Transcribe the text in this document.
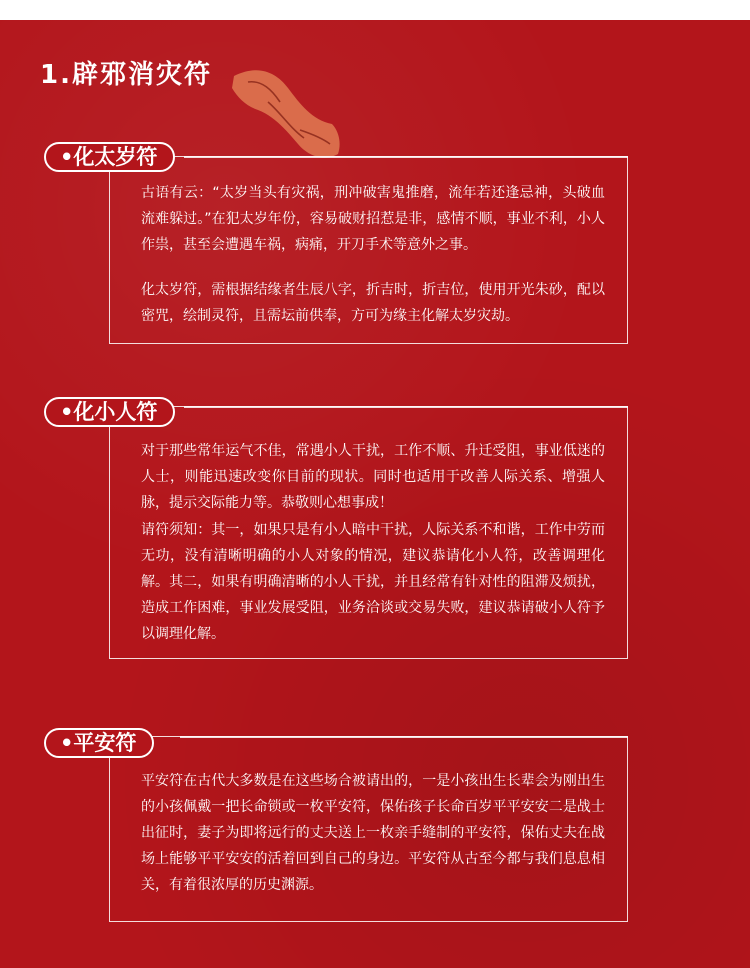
1.辟邪消灾符
•化太岁符

古语有云：“太岁当头有灾祸，刑冲破害鬼推磨，流年若还逢忌神，头破血流难躲过。”在犯太岁年份，容易破财招惹是非，感情不顺，事业不利，小人作祟，甚至会遭遇车祸，病痛，开刀手术等意外之事。

化太岁符，需根据结缘者生辰八字，折吉时，折吉位，使用开光朱砂，配以密咒，绘制灵符，且需坛前供奉，方可为缘主化解太岁灾劫。

•化小人符

对于那些常年运气不佳，常遇小人干扰，工作不顺、升迁受阻，事业低迷的人士，则能迅速改变你目前的现状。同时也适用于改善人际关系、增强人脉，提示交际能力等。恭敬则心想事成！

请符须知：其一，如果只是有小人暗中干扰，人际关系不和谐，工作中劳而无功，没有清晰明确的小人对象的情况，建议恭请化小人符，改善调理化解。其二，如果有明确清晰的小人干扰，并且经常有针对性的阻滞及烦扰，造成工作困难，事业发展受阻，业务洽谈或交易失败，建议恭请破小人符予以调理化解。

•平安符

平安符在古代大多数是在这些场合被请出的，一是小孩出生长辈会为刚出生的小孩佩戴一把长命锁或一枚平安符，保佑孩子长命百岁平平安安二是战士出征时，妻子为即将远行的丈夫送上一枚亲手缝制的平安符，保佑丈夫在战场上能够平平安安的活着回到自己的身边。平安符从古至今都与我们息息相关，有着很浓厚的历史渊源。
